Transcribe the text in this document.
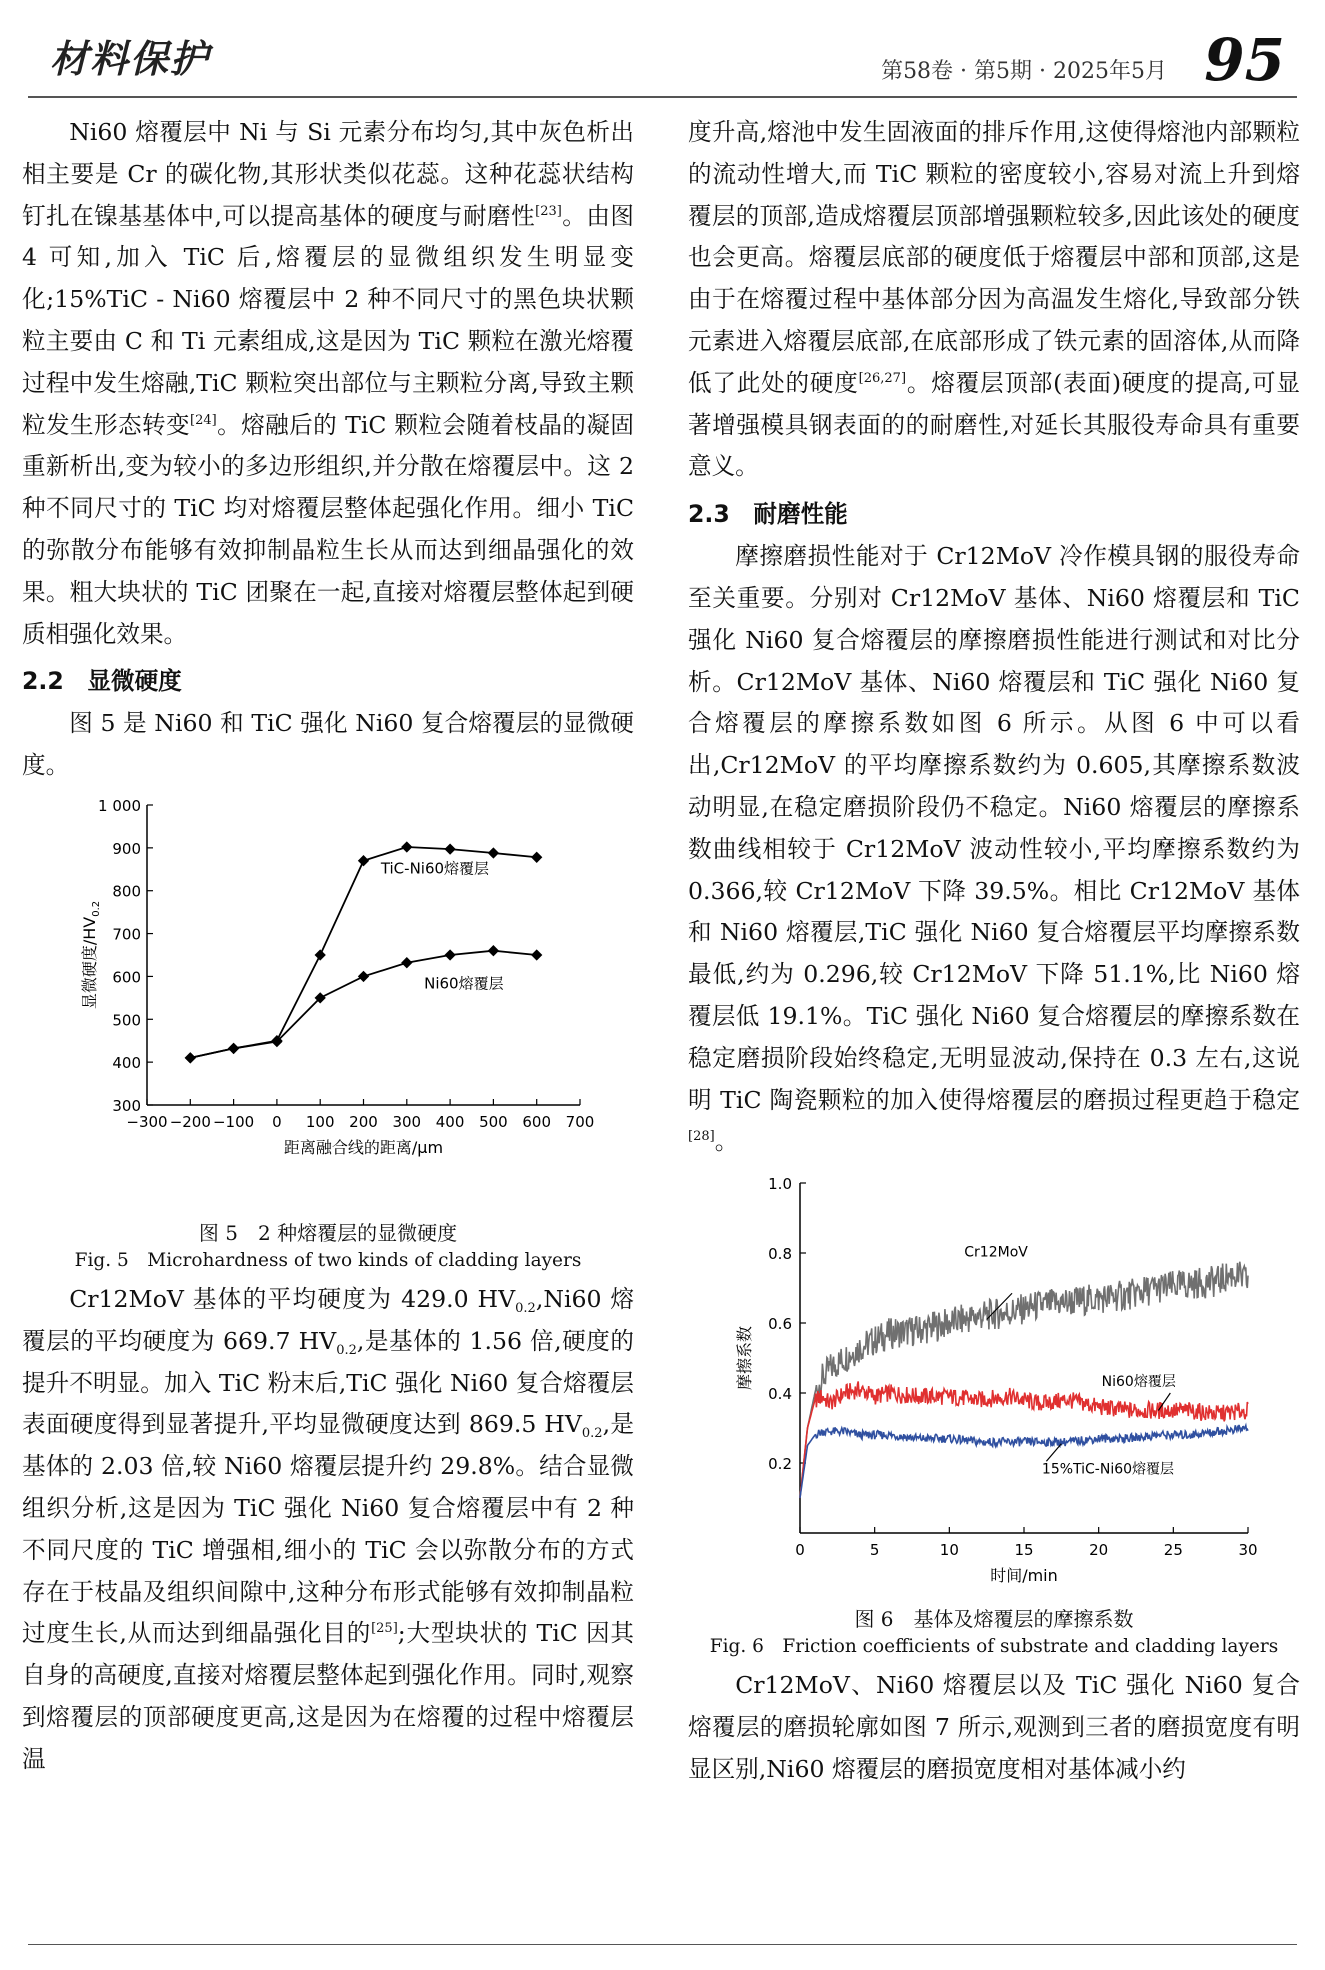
材料保护	第58卷 · 第5期 · 2025年5月 95

Ni60 熔覆层中 Ni 与 Si 元素分布均匀,其中灰色析出相主要是 Cr 的碳化物,其形状类似花蕊。这种花蕊状结构钉扎在镍基基体中,可以提高基体的硬度与耐磨性[23]。由图 4 可知,加入 TiC 后,熔覆层的显微组织发生明显变化;15%TiC - Ni60 熔覆层中 2 种不同尺寸的黑色块状颗粒主要由 C 和 Ti 元素组成,这是因为 TiC 颗粒在激光熔覆过程中发生熔融,TiC 颗粒突出部位与主颗粒分离,导致主颗粒发生形态转变[24]。熔融后的 TiC 颗粒会随着枝晶的凝固重新析出,变为较小的多边形组织,并分散在熔覆层中。这 2 种不同尺寸的 TiC 均对熔覆层整体起强化作用。细小 TiC 的弥散分布能够有效抑制晶粒生长从而达到细晶强化的效果。粗大块状的 TiC 团聚在一起,直接对熔覆层整体起到硬质相强化效果。

2.2　显微硬度

图 5 是 Ni60 和 TiC 强化 Ni60 复合熔覆层的显微硬度。

300
400
500
600
700
800
900
1 000
−300 −200 −100 0 100 200 300 400 500 600 700
距离融合线的距离/μm
显微硬度$/HV_{0.2}$
TiC-Ni60熔覆层
Ni60熔覆层
图 5　2 种熔覆层的显微硬度
Fig. 5　Microhardness of two kinds of cladding layers

Cr12MoV 基体的平均硬度为 429.0 $HV_{0.2},Ni60$ 熔覆层的平均硬度为 669.7 $HV_{0.2}$,是基体的 1.56 倍,硬度的提升不明显。加入 TiC 粉末后,TiC 强化 Ni60 复合熔覆层表面硬度得到显著提升,平均显微硬度达到 869.5 $HV_{0.2}$,是基体的 2.03 倍,较 Ni60 熔覆层提升约 29.8%。结合显微组织分析,这是因为 TiC 强化 Ni60 复合熔覆层中有 2 种不同尺度的 TiC 增强相,细小的 TiC 会以弥散分布的方式存在于枝晶及组织间隙中,这种分布形式能够有效抑制晶粒过度生长,从而达到细晶强化目的[25];大型块状的 TiC 因其自身的高硬度,直接对熔覆层整体起到强化作用。同时,观察到熔覆层的顶部硬度更高,这是因为在熔覆的过程中熔覆层温

度升高,熔池中发生固液面的排斥作用,这使得熔池内部颗粒的流动性增大,而 TiC 颗粒的密度较小,容易对流上升到熔覆层的顶部,造成熔覆层顶部增强颗粒较多,因此该处的硬度也会更高。熔覆层底部的硬度低于熔覆层中部和顶部,这是由于在熔覆过程中基体部分因为高温发生熔化,导致部分铁元素进入熔覆层底部,在底部形成了铁元素的固溶体,从而降低了此处的硬度[26,27]。熔覆层顶部(表面)硬度的提高,可显著增强模具钢表面的的耐磨性,对延长其服役寿命具有重要意义。

2.3　耐磨性能

摩擦磨损性能对于 Cr12MoV 冷作模具钢的服役寿命至关重要。分别对 Cr12MoV 基体、Ni60 熔覆层和 TiC 强化 Ni60 复合熔覆层的摩擦磨损性能进行测试和对比分析。Cr12MoV 基体、Ni60 熔覆层和 TiC 强化 Ni60 复合熔覆层的摩擦系数如图 6 所示。从图 6 中可以看出,Cr12MoV 的平均摩擦系数约为 0.605,其摩擦系数波动明显,在稳定磨损阶段仍不稳定。Ni60 熔覆层的摩擦系数曲线相较于 Cr12MoV 波动性较小,平均摩擦系数约为 0.366,较 Cr12MoV 下降 39.5%。相比 Cr12MoV 基体和 Ni60 熔覆层,TiC 强化 Ni60 复合熔覆层平均摩擦系数最低,约为 0.296,较 Cr12MoV 下降 51.1%,比 Ni60 熔覆层低 19.1%。TiC 强化 Ni60 复合熔覆层的摩擦系数在稳定磨损阶段始终稳定,无明显波动,保持在 0.3 左右,这说明 TiC 陶瓷颗粒的加入使得熔覆层的磨损过程更趋于稳定[28]。

0.2
0.4
0.6
0.8
1.0
0	5	10	15	20	25	30
时间/min
摩擦系数
Cr12MoV
Ni60熔覆层
15%TiC-Ni60熔覆层
图 6　基体及熔覆层的摩擦系数
Fig. 6　Friction coefficients of substrate and cladding layers

Cr12MoV、Ni60 熔覆层以及 TiC 强化 Ni60 复合熔覆层的磨损轮廓如图 7 所示,观测到三者的磨损宽度有明显区别,Ni60 熔覆层的磨损宽度相对基体减小约
